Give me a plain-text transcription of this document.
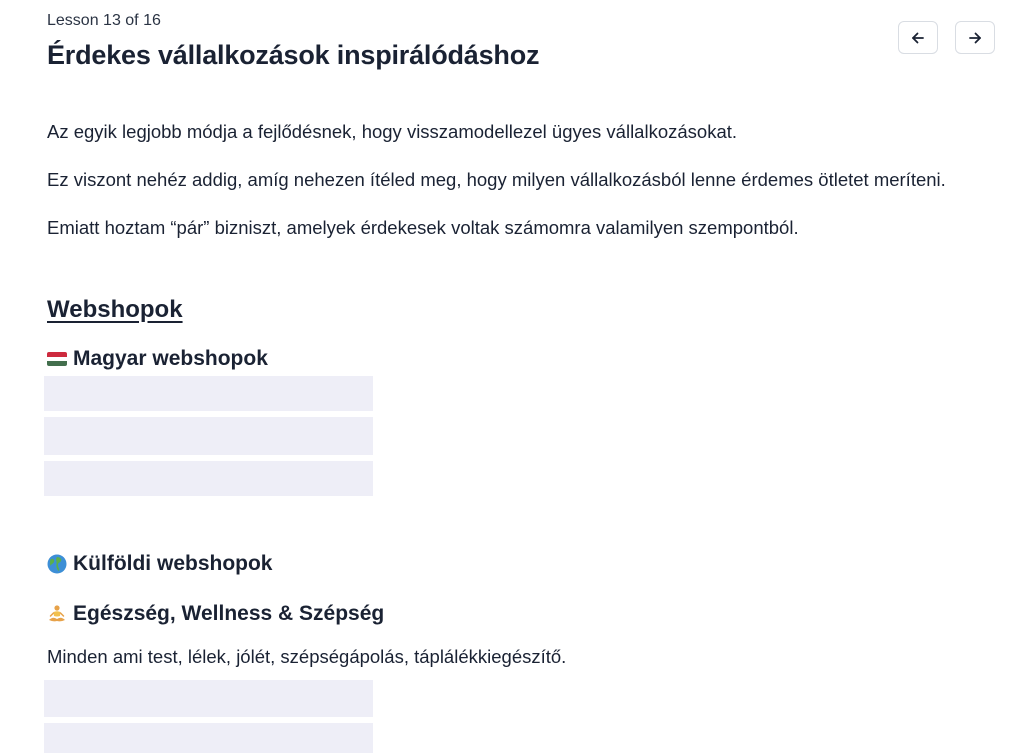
Lesson 13 of 16
Érdekes vállalkozások inspirálódáshoz

Az egyik legjobb módja a fejlődésnek, hogy visszamodellezel ügyes vállalkozásokat.

Ez viszont nehéz addig, amíg nehezen ítéled meg, hogy milyen vállalkozásból lenne érdemes ötletet meríteni.

Emiatt hoztam “pár” bizniszt, amelyek érdekesek voltak számomra valamilyen szempontból.

Webshopok
Magyar webshopok
Külföldi webshopok
Egészség, Wellness & Szépség

Minden ami test, lélek, jólét, szépségápolás, táplálékkiegészítő.
